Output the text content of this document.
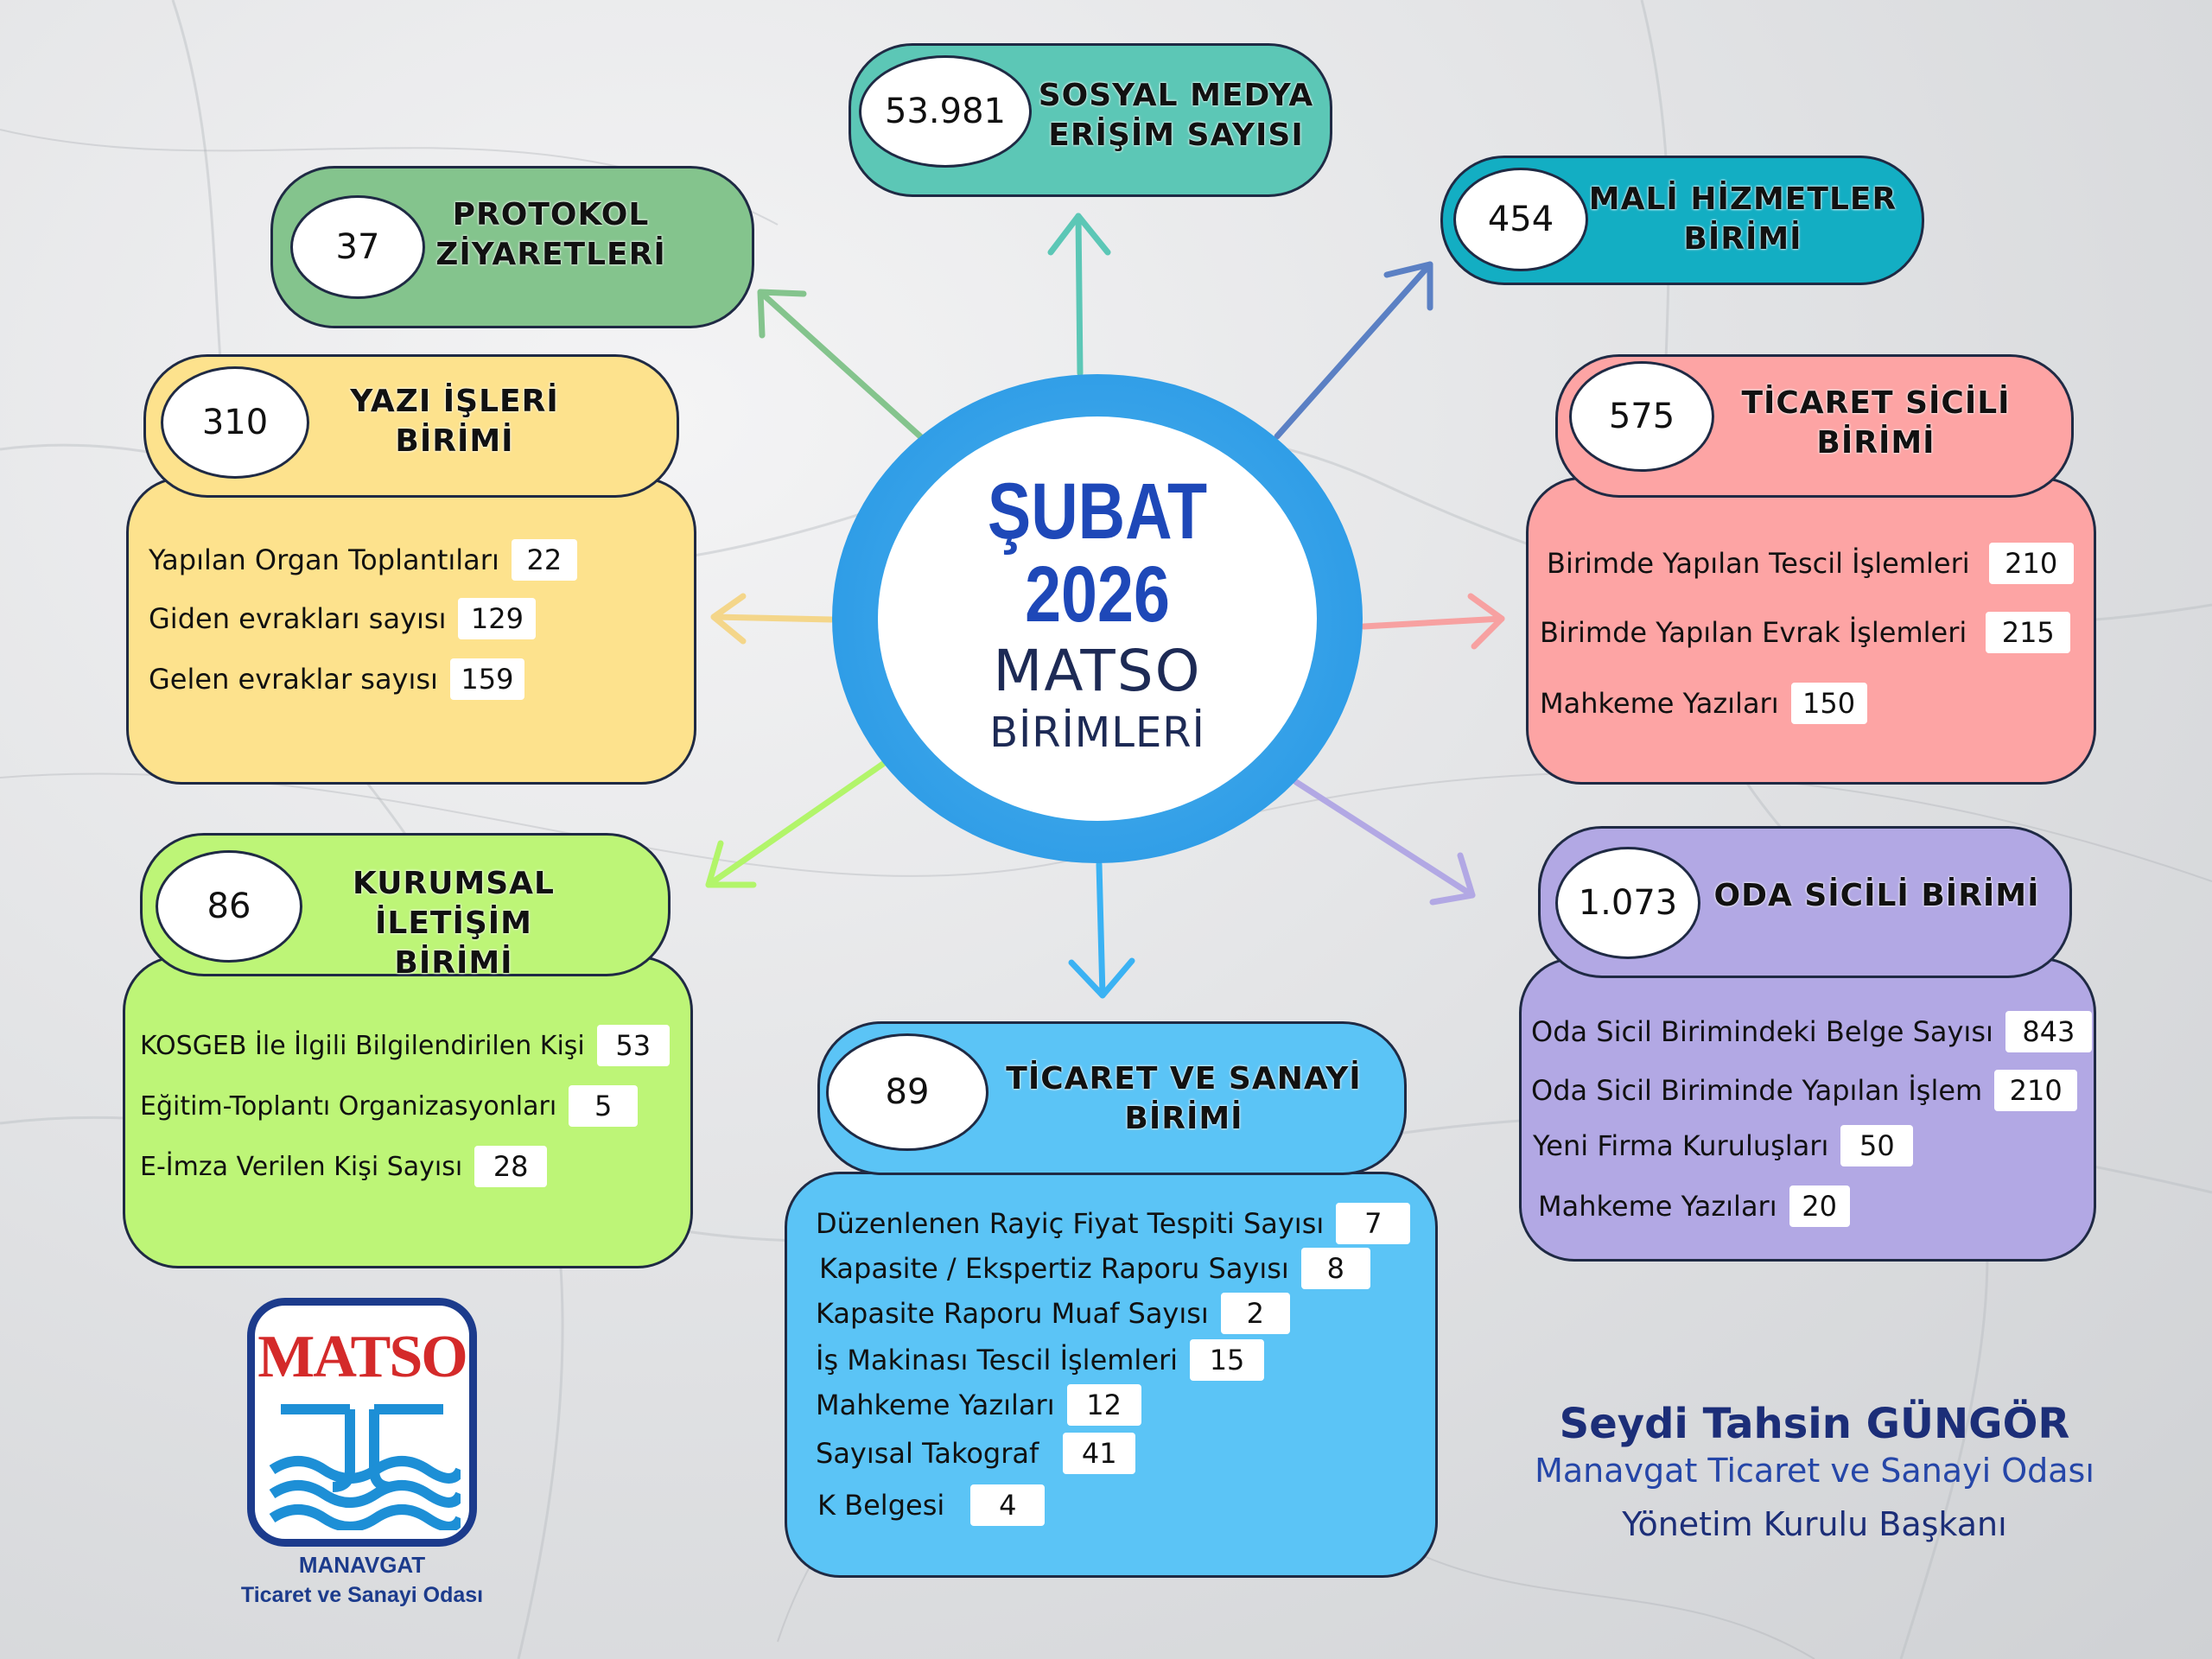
ŞUBAT
2026
MATSO
BİRİMLERİ
53.981	SOSYAL MEDYA
ERİŞİM SAYISI
37
PROTOKOL
ZİYARETLERİ
454
MALİ HİZMETLER
BİRİMİ
310
YAZI İŞLERİ
BİRİMİ
Yapılan Organ Toplantıları 22
Giden evrakları sayısı 129
Gelen evraklar sayısı 159
575	TİCARET SİCİLİ
BİRİMİ
Birimde Yapılan Tescil İşlemleri	210
Birimde Yapılan Evrak İşlemleri	215
Mahkeme Yazıları 150
86
KURUMSAL
İLETİŞİM BİRİMİ
KOSGEB İle İlgili Bilgilendirilen Kişi	53
Eğitim-Toplantı Organizasyonları	5
E-İmza Verilen Kişi Sayısı	28
1.073	ODA SİCİLİ BİRİMİ
Oda Sicil Birimindeki Belge Sayısı	843
Oda Sicil Biriminde Yapılan İşlem 210
Yeni Firma Kuruluşları	50
Mahkeme Yazıları 20
89	TİCARET VE SANAYİ
BİRİMİ
Düzenlenen Rayiç Fiyat Tespiti Sayısı	7
Kapasite / Ekspertiz Raporu Sayısı	8
Kapasite Raporu Muaf Sayısı	2
İş Makinası Tescil İşlemleri	15
Mahkeme Yazıları	12
Sayısal Takograf	41
K Belgesi	4
MATSO
MANAVGAT
Ticaret ve Sanayi Odası
Seydi Tahsin GÜNGÖR
Manavgat Ticaret ve Sanayi Odası
Yönetim Kurulu Başkanı
